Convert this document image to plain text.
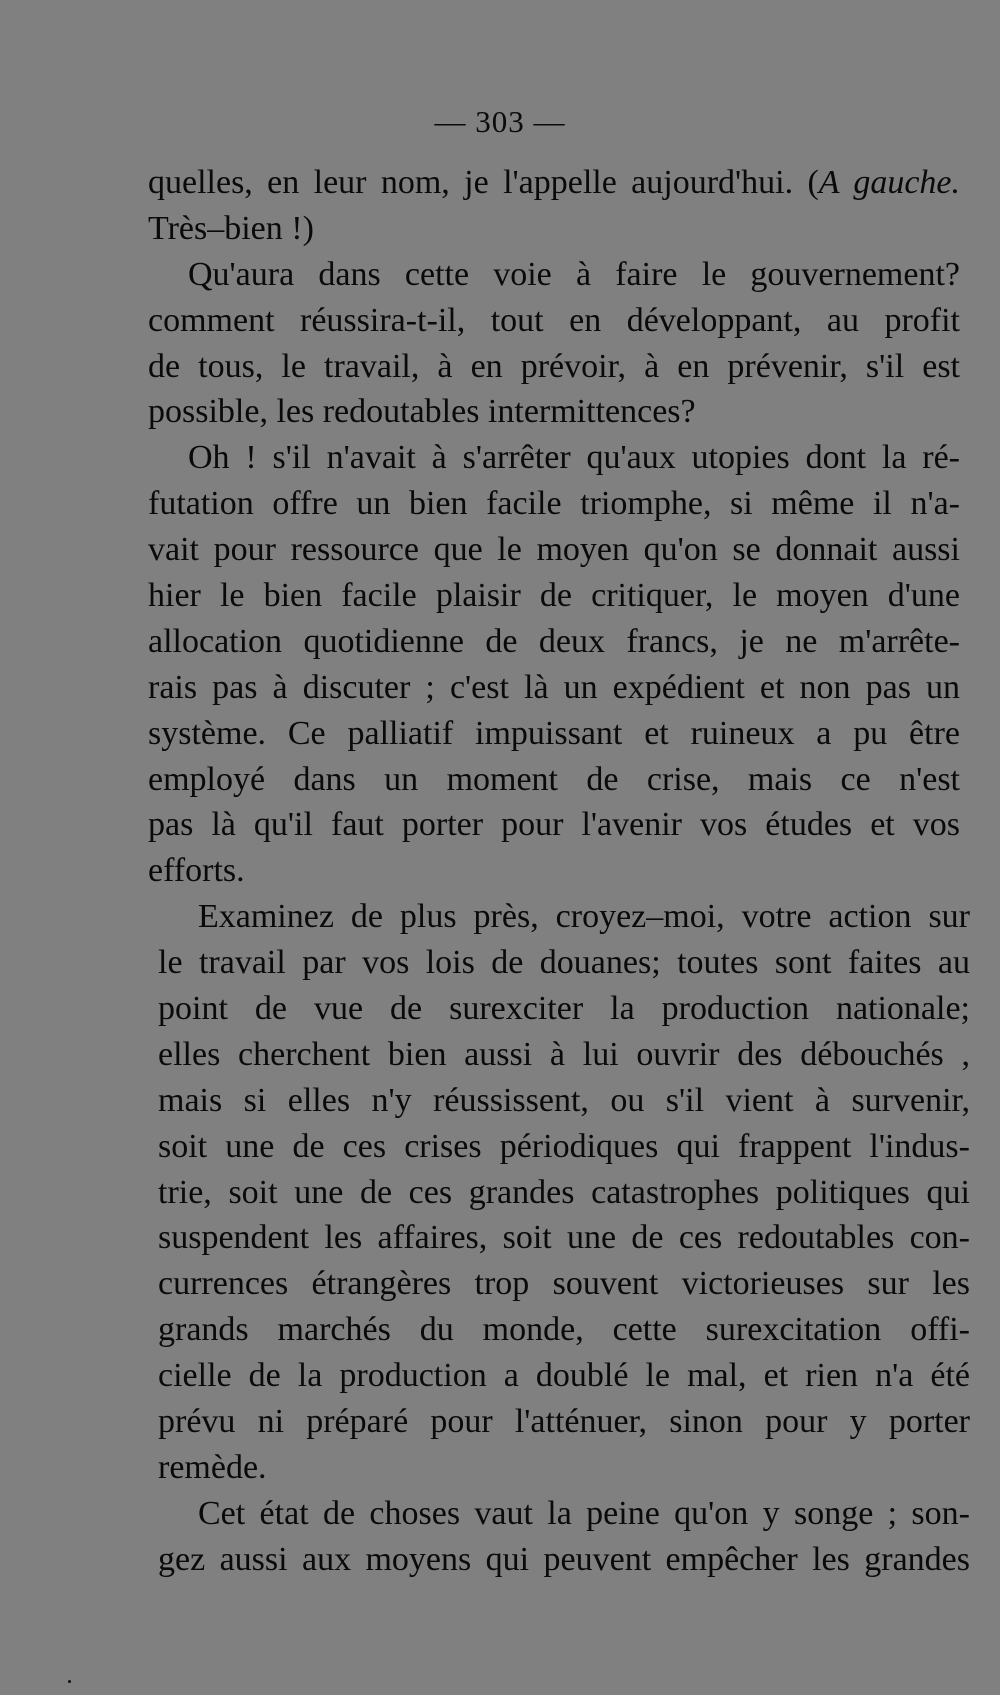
— 303 —
quelles, en leur nom, je l'appelle aujourd'hui. (A gauche.
Très–bien !)
Qu'aura dans cette voie à faire le gouvernement?
comment réussira-t-il, tout en développant, au profit
de tous, le travail, à en prévoir, à en prévenir, s'il est
possible, les redoutables intermittences?
Oh ! s'il n'avait à s'arrêter qu'aux utopies dont la ré-
futation offre un bien facile triomphe, si même il n'a-
vait pour ressource que le moyen qu'on se donnait aussi
hier le bien facile plaisir de critiquer, le moyen d'une
allocation quotidienne de deux francs, je ne m'arrête-
rais pas à discuter ; c'est là un expédient et non pas un
système. Ce palliatif impuissant et ruineux a pu être
employé dans un moment de crise, mais ce n'est
pas là qu'il faut porter pour l'avenir vos études et vos
efforts.
Examinez de plus près, croyez–moi, votre action sur
le travail par vos lois de douanes; toutes sont faites au
point de vue de surexciter la production nationale;
elles cherchent bien aussi à lui ouvrir des débouchés ,
mais si elles n'y réussissent, ou s'il vient à survenir,
soit une de ces crises périodiques qui frappent l'indus-
trie, soit une de ces grandes catastrophes politiques qui
suspendent les affaires, soit une de ces redoutables con-
currences étrangères trop souvent victorieuses sur les
grands marchés du monde, cette surexcitation offi-
cielle de la production a doublé le mal, et rien n'a été
prévu ni préparé pour l'atténuer, sinon pour y porter
remède.
Cet état de choses vaut la peine qu'on y songe ; son-
gez aussi aux moyens qui peuvent empêcher les grandes
